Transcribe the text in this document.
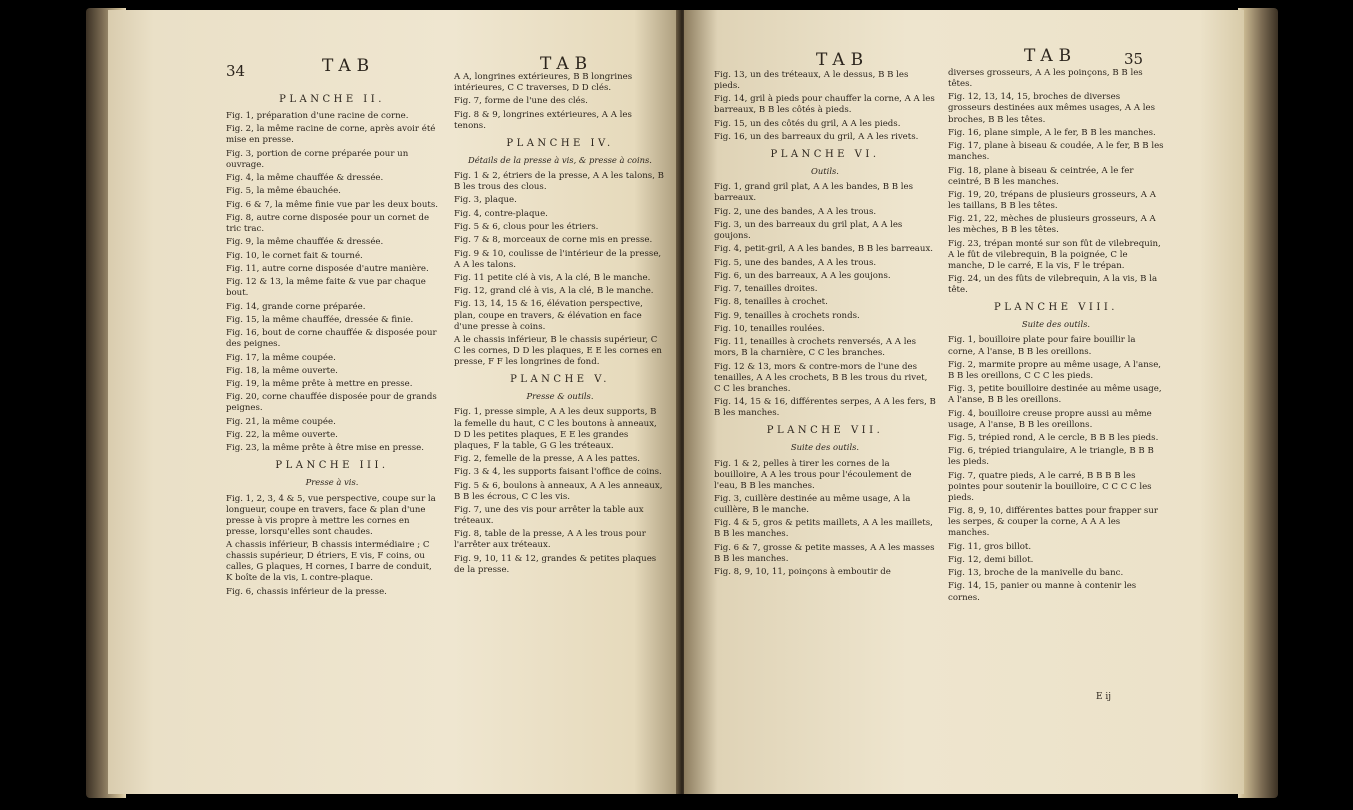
34	TAB	TAB
PLANCHE II.

Fig. 1, préparation d'une racine de corne.

Fig. 2, la même racine de corne, après avoir été mise en presse.

Fig. 3, portion de corne préparée pour un ouvrage.

Fig. 4, la même chauffée & dressée.

Fig. 5, la même ébauchée.

Fig. 6 & 7, la même finie vue par les deux bouts.

Fig. 8, autre corne disposée pour un cornet de tric trac.

Fig. 9, la même chauffée & dressée.

Fig. 10, le cornet fait & tourné.

Fig. 11, autre corne disposée d'autre manière.

Fig. 12 & 13, la même faite & vue par chaque bout.

Fig. 14, grande corne préparée.

Fig. 15, la même chauffée, dressée & finie.

Fig. 16, bout de corne chauffée & disposée pour des peignes.

Fig. 17, la même coupée.

Fig. 18, la même ouverte.

Fig. 19, la même prête à mettre en presse.

Fig. 20, corne chauffée disposée pour de grands peignes.

Fig. 21, la même coupée.

Fig. 22, la même ouverte.

Fig. 23, la même prête à être mise en presse.

PLANCHE III.
Presse à vis.

Fig. 1, 2, 3, 4 & 5, vue perspective, coupe sur la longueur, coupe en travers, face & plan d'une presse à vis propre à mettre les cornes en presse, lorsqu'elles sont chaudes.

A chassis inférieur, B chassis intermédiaire ; C chassis supérieur, D étriers, E vis, F coins, ou calles, G plaques, H cornes, I barre de conduit, K boîte de la vis, L contre-plaque.

Fig. 6, chassis inférieur de la presse.

A A, longrines extérieures, B B longrines intérieures, C C traverses, D D clés.

Fig. 7, forme de l'une des clés.

Fig. 8 & 9, longrines extérieures, A A les tenons.

PLANCHE IV.
Détails de la presse à vis, & presse à coins.

Fig. 1 & 2, étriers de la presse, A A les talons, B B les trous des clous.

Fig. 3, plaque.

Fig. 4, contre-plaque.

Fig. 5 & 6, clous pour les étriers.

Fig. 7 & 8, morceaux de corne mis en presse.

Fig. 9 & 10, coulisse de l'intérieur de la presse, A A les talons.

Fig. 11 petite clé à vis, A la clé, B le manche.

Fig. 12, grand clé à vis, A la clé, B le manche.

Fig. 13, 14, 15 & 16, élévation perspective, plan, coupe en travers, & élévation en face d'une presse à coins.

A le chassis inférieur, B le chassis supérieur, C C les cornes, D D les plaques, E E les cornes en presse, F F les longrines de fond.

PLANCHE V.
Presse & outils.

Fig. 1, presse simple, A A les deux supports, B la femelle du haut, C C les boutons à anneaux, D D les petites plaques, E E les grandes plaques, F la table, G G les tréteaux.

Fig. 2, femelle de la presse, A A les pattes.

Fig. 3 & 4, les supports faisant l'office de coins.

Fig. 5 & 6, boulons à anneaux, A A les anneaux, B B les écrous, C C les vis.

Fig. 7, une des vis pour arrêter la table aux tréteaux.

Fig. 8, table de la presse, A A les trous pour l'arrêter aux tréteaux.

Fig. 9, 10, 11 & 12, grandes & petites plaques de la presse.

TAB	TAB	35

Fig. 13, un des tréteaux, A le dessus, B B les pieds.

Fig. 14, gril à pieds pour chauffer la corne, A A les barreaux, B B les côtés à pieds.

Fig. 15, un des côtés du gril, A A les pieds.

Fig. 16, un des barreaux du gril, A A les rivets.

PLANCHE VI.
Outils.

Fig. 1, grand gril plat, A A les bandes, B B les barreaux.

Fig. 2, une des bandes, A A les trous.

Fig. 3, un des barreaux du gril plat, A A les goujons.

Fig. 4, petit-gril, A A les bandes, B B les barreaux.

Fig. 5, une des bandes, A A les trous.

Fig. 6, un des barreaux, A A les goujons.

Fig. 7, tenailles droites.

Fig. 8, tenailles à crochet.

Fig. 9, tenailles à crochets ronds.

Fig. 10, tenailles roulées.

Fig. 11, tenailles à crochets renversés, A A les mors, B la charnière, C C les branches.

Fig. 12 & 13, mors & contre-mors de l'une des tenailles, A A les crochets, B B les trous du rivet, C C les branches.

Fig. 14, 15 & 16, différentes serpes, A A les fers, B B les manches.

PLANCHE VII.
Suite des outils.

Fig. 1 & 2, pelles à tirer les cornes de la bouilloire, A A les trous pour l'écoulement de l'eau, B B les manches.

Fig. 3, cuillère destinée au même usage, A la cuillère, B le manche.

Fig. 4 & 5, gros & petits maillets, A A les maillets, B B les manches.

Fig. 6 & 7, grosse & petite masses, A A les masses B B les manches.

Fig. 8, 9, 10, 11, poinçons à emboutir de

diverses grosseurs, A A les poinçons, B B les têtes.

Fig. 12, 13, 14, 15, broches de diverses grosseurs destinées aux mêmes usages, A A les broches, B B les têtes.

Fig. 16, plane simple, A le fer, B B les manches.

Fig. 17, plane à biseau & coudée, A le fer, B B les manches.

Fig. 18, plane à biseau & ceintrée, A le fer ceintré, B B les manches.

Fig. 19, 20, trépans de plusieurs grosseurs, A A les taillans, B B les têtes.

Fig. 21, 22, mèches de plusieurs grosseurs, A A les mèches, B B les têtes.

Fig. 23, trépan monté sur son fût de vilebrequin, A le fût de vilebrequin, B la poignée, C le manche, D le carré, E la vis, F le trépan.

Fig. 24, un des fûts de vilebrequin, A la vis, B la tête.

PLANCHE VIII.
Suite des outils.

Fig. 1, bouilloire plate pour faire bouillir la corne, A l'anse, B B les oreillons.

Fig. 2, marmite propre au même usage, A l'anse, B B les oreillons, C C C les pieds.

Fig. 3, petite bouilloire destinée au même usage, A l'anse, B B les oreillons.

Fig. 4, bouilloire creuse propre aussi au même usage, A l'anse, B B les oreillons.

Fig. 5, trépied rond, A le cercle, B B B les pieds.

Fig. 6, trépied triangulaire, A le triangle, B B B les pieds.

Fig. 7, quatre pieds, A le carré, B B B B les pointes pour soutenir la bouilloire, C C C C les pieds.

Fig. 8, 9, 10, différentes battes pour frapper sur les serpes, & couper la corne, A A A les manches.

Fig. 11, gros billot.

Fig. 12, demi billot.

Fig. 13, broche de la manivelle du banc.

Fig. 14, 15, panier ou manne à contenir les cornes.

E ij
